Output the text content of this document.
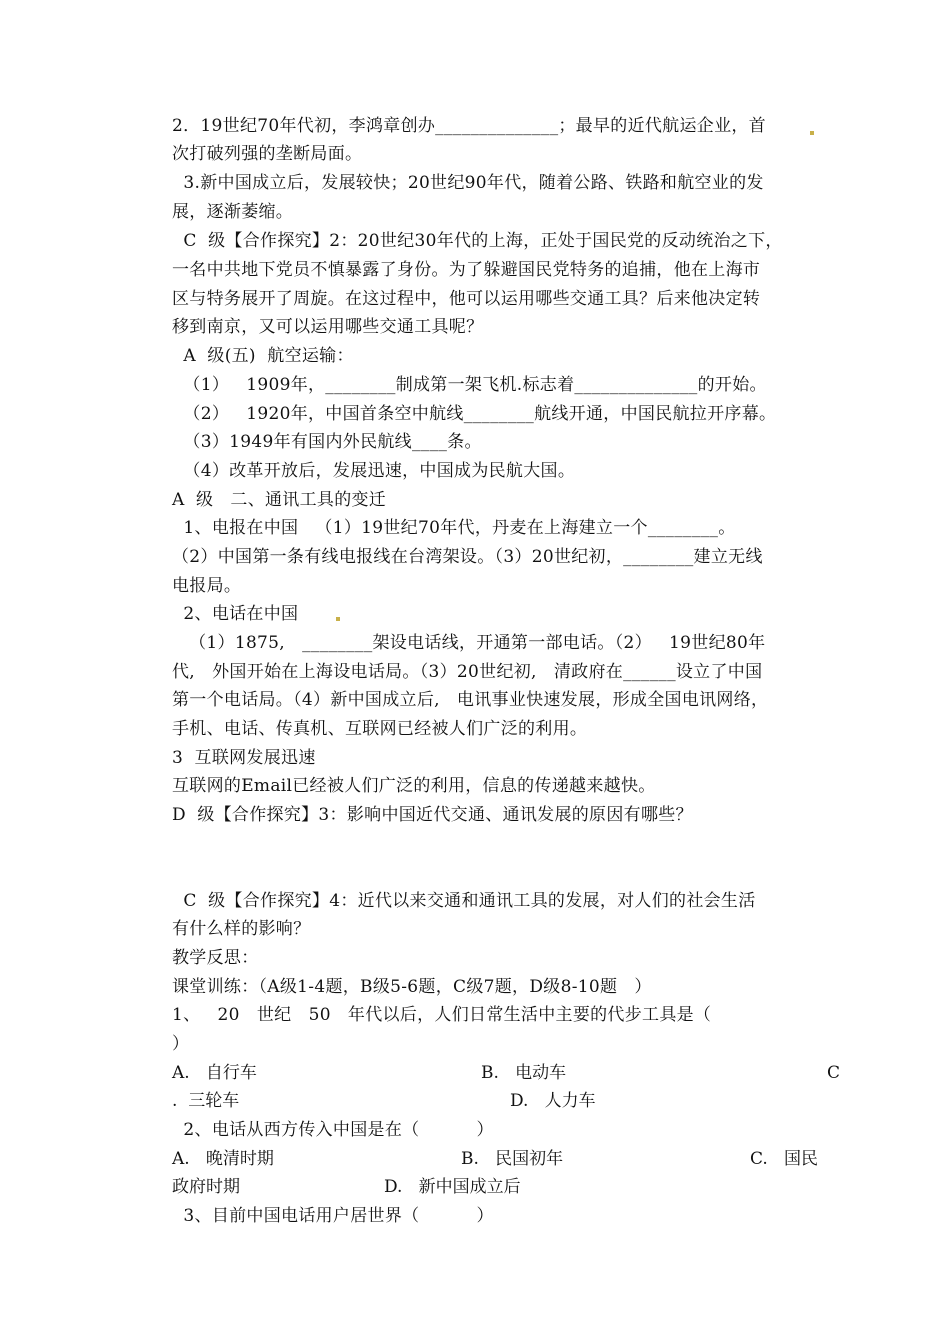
2．19世纪70年代初，李鸿章创办______________；最早的近代航运企业，首
次打破列强的垄断局面。
3.新中国成立后，发展较快；20世纪90年代，随着公路、铁路和航空业的发
展，逐渐萎缩。
C  级【合作探究】2：20世纪30年代的上海，正处于国民党的反动统治之下，
一名中共地下党员不慎暴露了身份。为了躲避国民党特务的追捕，他在上海市
区与特务展开了周旋。在这过程中，他可以运用哪些交通工具？后来他决定转
移到南京，又可以运用哪些交通工具呢？
A  级(五)  航空运输：
（1）   1909年，________制成第一架飞机.标志着______________的开始。
（2）   1920年，中国首条空中航线________航线开通，中国民航拉开序幕。
（3）1949年有国内外民航线____条。
（4）改革开放后，发展迅速，中国成为民航大国。
A  级   二、通讯工具的变迁
1、电报在中国   （1）19世纪70年代，丹麦在上海建立一个________。
（2）中国第一条有线电报线在台湾架设。（3）20世纪初，________建立无线
电报局。
2、电话在中国
（1）1875,   ________架设电话线，开通第一部电话。（2）   19世纪80年
代,   外国开始在上海设电话局。（3）20世纪初,   清政府在______设立了中国
第一个电话局。（4）新中国成立后,   电讯事业快速发展，形成全国电讯网络，
手机、电话、传真机、互联网已经被人们广泛的利用。
3  互联网发展迅速
互联网的Email已经被人们广泛的利用，信息的传递越来越快。
D  级【合作探究】3：影响中国近代交通、通讯发展的原因有哪些？
C  级【合作探究】4：近代以来交通和通讯工具的发展，对人们的社会生活
有什么样的影响？
教学反思：
课堂训练：（A级1-4题，B级5-6题，C级7题，D级8-10题   ）
1、   20   世纪   50   年代以后，人们日常生活中主要的代步工具是（
）
A.   自行车	B.   电动车	C
.  三轮车	D.   人力车
2、电话从西方传入中国是在（          ）
A.   晚清时期	B.   民国初年	C.   国民
政府时期	D.   新中国成立后
3、目前中国电话用户居世界（          ）
